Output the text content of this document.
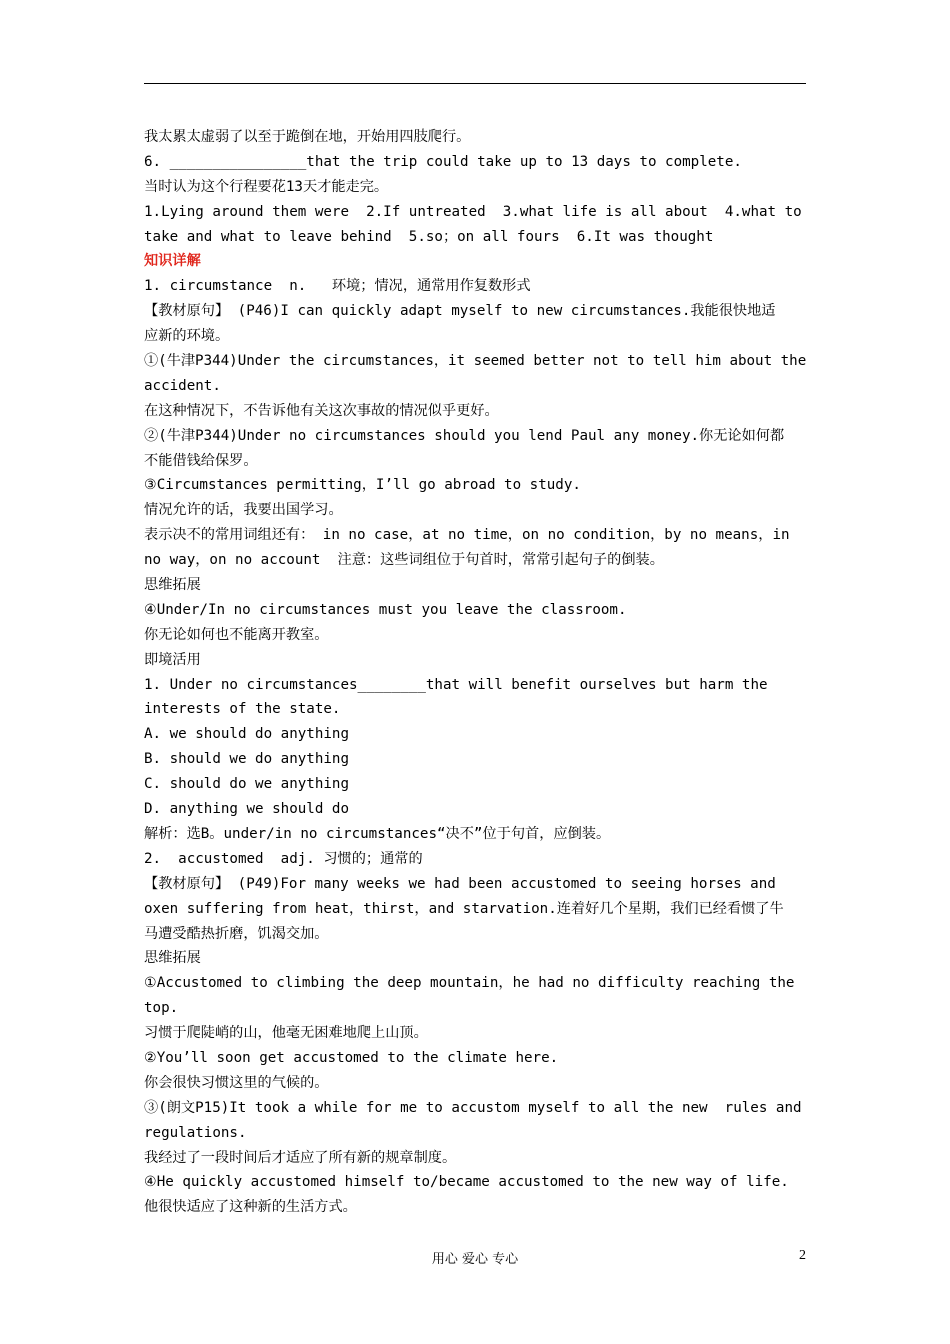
我太累太虚弱了以至于跪倒在地，开始用四肢爬行。
6. ________________that the trip could take up to 13 days to complete.
当时认为这个行程要花13天才能走完。
1.Lying around them were  2.If untreated  3.what life is all about  4.what to
take and what to leave behind  5.so；on all fours  6.It was thought
知识详解
1. circumstance  n.   环境；情况，通常用作复数形式
【教材原句】 (P46)I can quickly adapt myself to new circumstances.我能很快地适
应新的环境。
①(牛津P344)Under the circumstances，it seemed better not to tell him about the
accident.
在这种情况下，不告诉他有关这次事故的情况似乎更好。
②(牛津P344)Under no circumstances should you lend Paul any money.你无论如何都
不能借钱给保罗。
③Circumstances permitting，I’ll go abroad to study.
情况允许的话，我要出国学习。
表示决不的常用词组还有： in no case，at no time，on no condition，by no means，in
no way，on no account  注意：这些词组位于句首时，常常引起句子的倒装。
思维拓展
④Under/In no circumstances must you leave the classroom.
你无论如何也不能离开教室。
即境活用
1. Under no circumstances________that will benefit ourselves but harm the
interests of the state.
A. we should do anything
B. should we do anything
C. should do we anything
D. anything we should do
解析：选B。under/in no circumstances“决不”位于句首，应倒装。
2.  accustomed  adj. 习惯的；通常的
【教材原句】 (P49)For many weeks we had been accustomed to seeing horses and
oxen suffering from heat，thirst，and starvation.连着好几个星期，我们已经看惯了牛
马遭受酷热折磨，饥渴交加。
思维拓展
①Accustomed to climbing the deep mountain，he had no difficulty reaching the
top.
习惯于爬陡峭的山，他毫无困难地爬上山顶。
②You’ll soon get accustomed to the climate here.
你会很快习惯这里的气候的。
③(朗文P15)It took a while for me to accustom myself to all the new  rules and
regulations.
我经过了一段时间后才适应了所有新的规章制度。
④He quickly accustomed himself to/became accustomed to the new way of life.
他很快适应了这种新的生活方式。
用心 爱心 专心	2
